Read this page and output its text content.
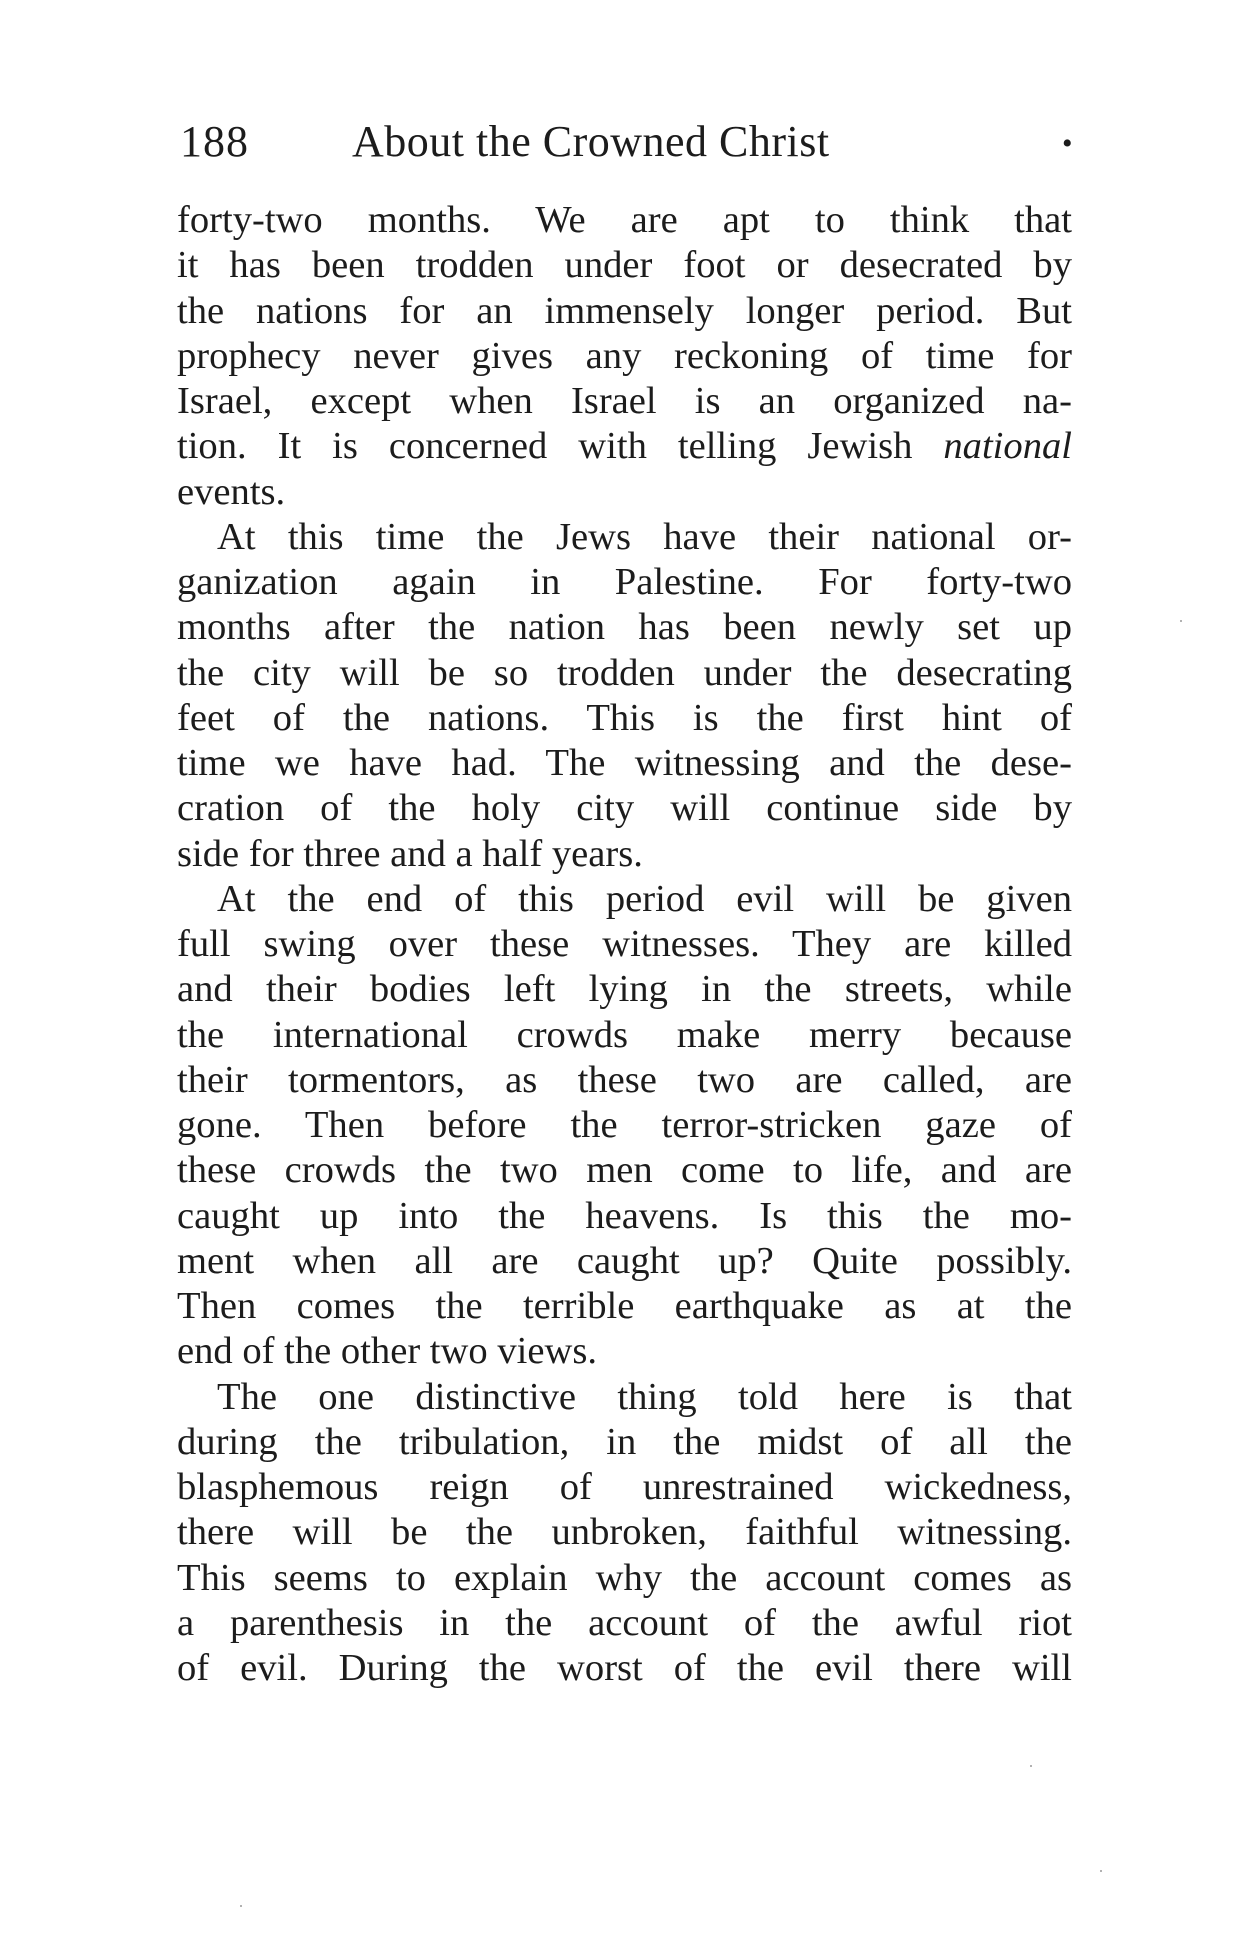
188 About the Crowned Christ	•
forty-two months. We are apt to think that
it has been trodden under foot or desecrated by
the nations for an immensely longer period. But
prophecy never gives any reckoning of time for
Israel, except when Israel is an organized na-
tion. It is concerned with telling Jewish national
events.
At this time the Jews have their national or-
ganization again in Palestine. For forty-two
months after the nation has been newly set up
the city will be so trodden under the desecrating
feet of the nations. This is the first hint of
time we have had. The witnessing and the dese-
cration of the holy city will continue side by
side for three and a half years.
At the end of this period evil will be given
full swing over these witnesses. They are killed
and their bodies left lying in the streets, while
the international crowds make merry because
their tormentors, as these two are called, are
gone. Then before the terror-stricken gaze of
these crowds the two men come to life, and are
caught up into the heavens. Is this the mo-
ment when all are caught up? Quite possibly.
Then comes the terrible earthquake as at the
end of the other two views.
The one distinctive thing told here is that
during the tribulation, in the midst of all the
blasphemous reign of unrestrained wickedness,
there will be the unbroken, faithful witnessing.
This seems to explain why the account comes as
a parenthesis in the account of the awful riot
of evil. During the worst of the evil there will
